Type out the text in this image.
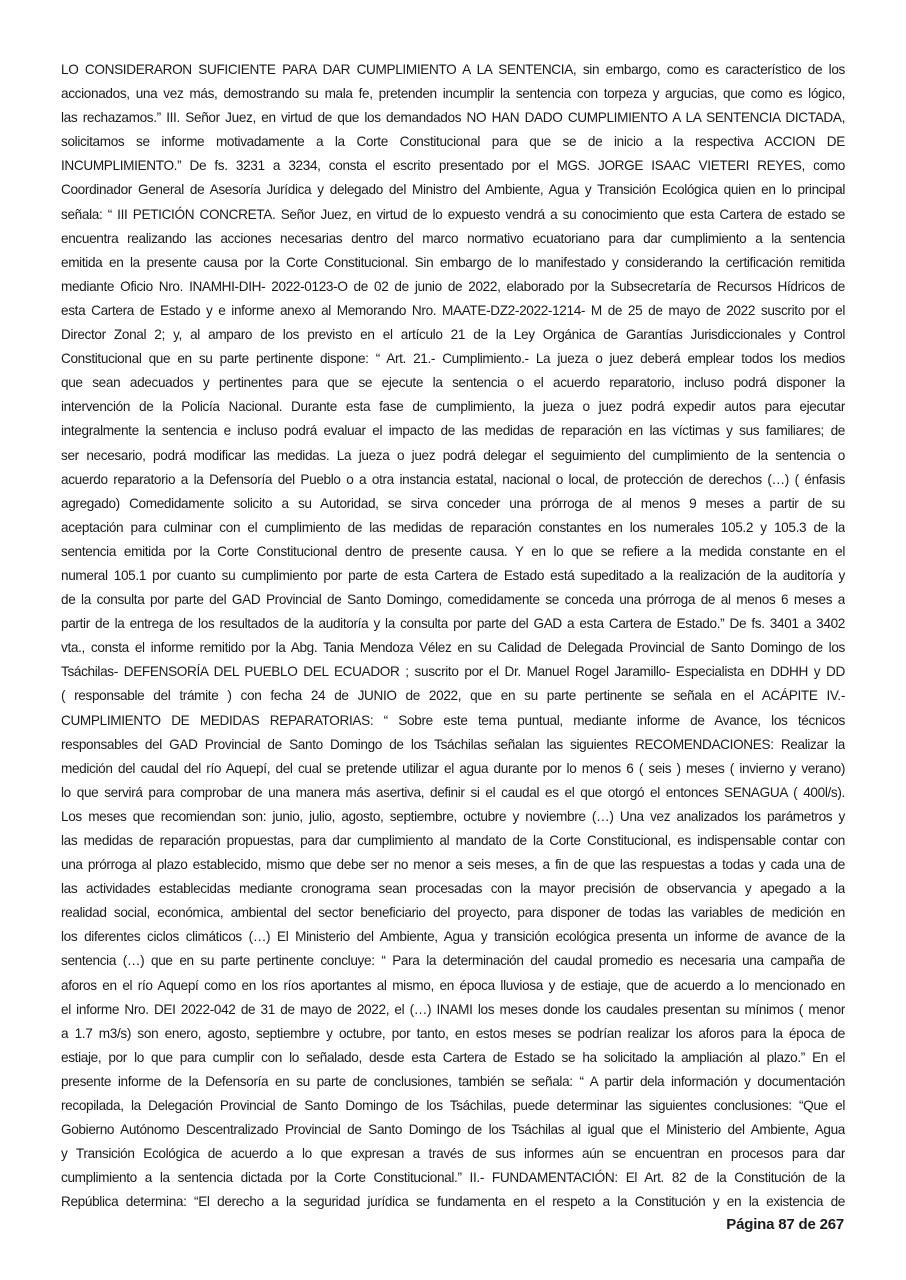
LO CONSIDERARON SUFICIENTE PARA DAR CUMPLIMIENTO A LA SENTENCIA, sin embargo, como es característico de los
accionados, una vez más, demostrando su mala fe, pretenden incumplir la sentencia con torpeza y argucias, que como es lógico,
las rechazamos.” III. Señor Juez, en virtud de que los demandados NO HAN DADO CUMPLIMIENTO A LA SENTENCIA DICTADA,
solicitamos se informe motivadamente a la Corte Constitucional para que se de inicio a la respectiva ACCION DE
INCUMPLIMIENTO.” De fs. 3231 a 3234, consta el escrito presentado por el MGS. JORGE ISAAC VIETERI REYES, como
Coordinador General de Asesoría Jurídica y delegado del Ministro del Ambiente, Agua y Transición Ecológica quien en lo principal
señala: “ III PETICIÓN CONCRETA. Señor Juez, en virtud de lo expuesto vendrá a su conocimiento que esta Cartera de estado se
encuentra realizando las acciones necesarias dentro del marco normativo ecuatoriano para dar cumplimiento a la sentencia
emitida en la presente causa por la Corte Constitucional. Sin embargo de lo manifestado y considerando la certificación remitida
mediante Oficio Nro. INAMHI-DIH- 2022-0123-O de 02 de junio de 2022, elaborado por la Subsecretaría de Recursos Hídricos de
esta Cartera de Estado y e informe anexo al Memorando Nro. MAATE-DZ2-2022-1214- M de 25 de mayo de 2022 suscrito por el
Director Zonal 2; y, al amparo de los previsto en el artículo 21 de la Ley Orgánica de Garantías Jurisdiccionales y Control
Constitucional que en su parte pertinente dispone: “ Art. 21.- Cumplimiento.- La jueza o juez deberá emplear todos los medios
que sean adecuados y pertinentes para que se ejecute la sentencia o el acuerdo reparatorio, incluso podrá disponer la
intervención de la Policía Nacional. Durante esta fase de cumplimiento, la jueza o juez podrá expedir autos para ejecutar
integralmente la sentencia e incluso podrá evaluar el impacto de las medidas de reparación en las víctimas y sus familiares; de
ser necesario, podrá modificar las medidas. La jueza o juez podrá delegar el seguimiento del cumplimiento de la sentencia o
acuerdo reparatorio a la Defensoría del Pueblo o a otra instancia estatal, nacional o local, de protección de derechos (…) ( énfasis
agregado) Comedidamente solicito a su Autoridad, se sirva conceder una prórroga de al menos 9 meses a partir de su
aceptación para culminar con el cumplimiento de las medidas de reparación constantes en los numerales 105.2 y 105.3 de la
sentencia emitida por la Corte Constitucional dentro de presente causa. Y en lo que se refiere a la medida constante en el
numeral 105.1 por cuanto su cumplimiento por parte de esta Cartera de Estado está supeditado a la realización de la auditoría y
de la consulta por parte del GAD Provincial de Santo Domingo, comedidamente se conceda una prórroga de al menos 6 meses a
partir de la entrega de los resultados de la auditoría y la consulta por parte del GAD a esta Cartera de Estado.” De fs. 3401 a 3402
vta., consta el informe remitido por la Abg. Tania Mendoza Vélez en su Calidad de Delegada Provincial de Santo Domingo de los
Tsáchilas- DEFENSORÍA DEL PUEBLO DEL ECUADOR ; suscrito por el Dr. Manuel Rogel Jaramillo- Especialista en DDHH y DD
( responsable del trámite ) con fecha 24 de JUNIO de 2022, que en su parte pertinente se señala en el ACÁPITE IV.-
CUMPLIMIENTO DE MEDIDAS REPARATORIAS: “ Sobre este tema puntual, mediante informe de Avance, los técnicos
responsables del GAD Provincial de Santo Domingo de los Tsáchilas señalan las siguientes RECOMENDACIONES: Realizar la
medición del caudal del río Aquepí, del cual se pretende utilizar el agua durante por lo menos 6 ( seis ) meses ( invierno y verano)
lo que servirá para comprobar de una manera más asertiva, definir si el caudal es el que otorgó el entonces SENAGUA ( 400l/s).
Los meses que recomiendan son: junio, julio, agosto, septiembre, octubre y noviembre (…) Una vez analizados los parámetros y
las medidas de reparación propuestas, para dar cumplimiento al mandato de la Corte Constitucional, es indispensable contar con
una prórroga al plazo establecido, mismo que debe ser no menor a seis meses, a fin de que las respuestas a todas y cada una de
las actividades establecidas mediante cronograma sean procesadas con la mayor precisión de observancia y apegado a la
realidad social, económica, ambiental del sector beneficiario del proyecto, para disponer de todas las variables de medición en
los diferentes ciclos climáticos (…) El Ministerio del Ambiente, Agua y transición ecológica presenta un informe de avance de la
sentencia (…) que en su parte pertinente concluye: “ Para la determinación del caudal promedio es necesaria una campaña de
aforos en el río Aquepí como en los ríos aportantes al mismo, en época lluviosa y de estiaje, que de acuerdo a lo mencionado en
el informe Nro. DEI 2022-042 de 31 de mayo de 2022, el (…) INAMI los meses donde los caudales presentan su mínimos ( menor
a 1.7 m3/s) son enero, agosto, septiembre y octubre, por tanto, en estos meses se podrían realizar los aforos para la época de
estiaje, por lo que para cumplir con lo señalado, desde esta Cartera de Estado se ha solicitado la ampliación al plazo.” En el
presente informe de la Defensoría en su parte de conclusiones, también se señala: “ A partir dela información y documentación
recopilada, la Delegación Provincial de Santo Domingo de los Tsáchilas, puede determinar las siguientes conclusiones: “Que el
Gobierno Autónomo Descentralizado Provincial de Santo Domingo de los Tsáchilas al igual que el Ministerio del Ambiente, Agua
y Transición Ecológica de acuerdo a lo que expresan a través de sus informes aún se encuentran en procesos para dar
cumplimiento a la sentencia dictada por la Corte Constitucional.” II.- FUNDAMENTACIÓN: El Art. 82 de la Constitución de la
República determina: “El derecho a la seguridad jurídica se fundamenta en el respeto a la Constitución y en la existencia de
Página 87 de 267
